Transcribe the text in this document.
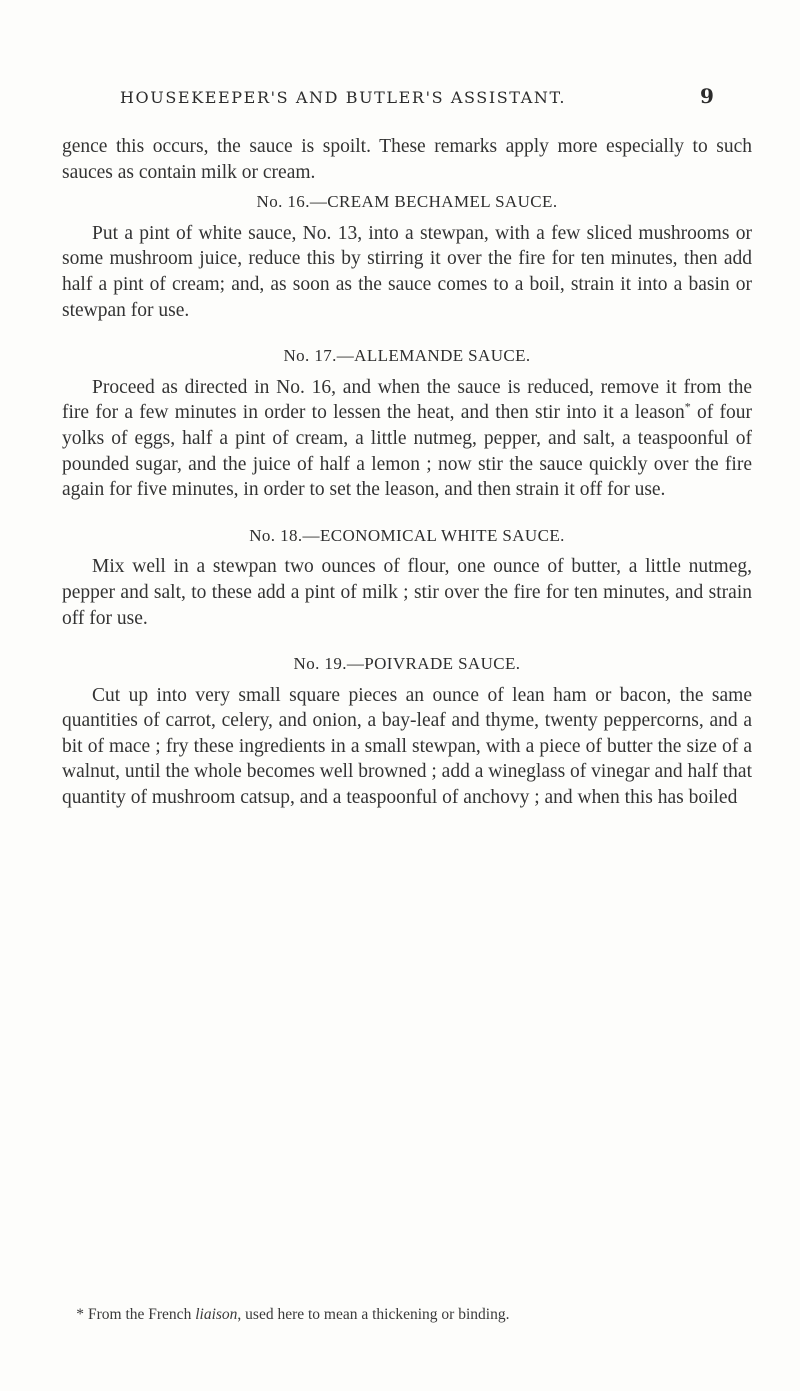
HOUSEKEEPER'S AND BUTLER'S ASSISTANT.	9

gence this occurs, the sauce is spoilt. These remarks apply more especially to such sauces as contain milk or cream.

No. 16.—CREAM BECHAMEL SAUCE.

Put a pint of white sauce, No. 13, into a stewpan, with a few sliced mushrooms or some mushroom juice, reduce this by stirring it over the fire for ten minutes, then add half a pint of cream; and, as soon as the sauce comes to a boil, strain it into a basin or stewpan for use.

No. 17.—ALLEMANDE SAUCE.

Proceed as directed in No. 16, and when the sauce is reduced, remove it from the fire for a few minutes in order to lessen the heat, and then stir into it a leason* of four yolks of eggs, half a pint of cream, a little nutmeg, pepper, and salt, a teaspoonful of pounded sugar, and the juice of half a lemon ; now stir the sauce quickly over the fire again for five minutes, in order to set the leason, and then strain it off for use.

No. 18.—ECONOMICAL WHITE SAUCE.

Mix well in a stewpan two ounces of flour, one ounce of butter, a little nutmeg, pepper and salt, to these add a pint of milk ; stir over the fire for ten minutes, and strain off for use.

No. 19.—POIVRADE SAUCE.

Cut up into very small square pieces an ounce of lean ham or bacon, the same quantities of carrot, celery, and onion, a bay-leaf and thyme, twenty peppercorns, and a bit of mace ; fry these ingredients in a small stewpan, with a piece of butter the size of a walnut, until the whole becomes well browned ; add a wineglass of vinegar and half that quantity of mushroom catsup, and a teaspoonful of anchovy ; and when this has boiled

* From the French liaison, used here to mean a thickening or binding.
